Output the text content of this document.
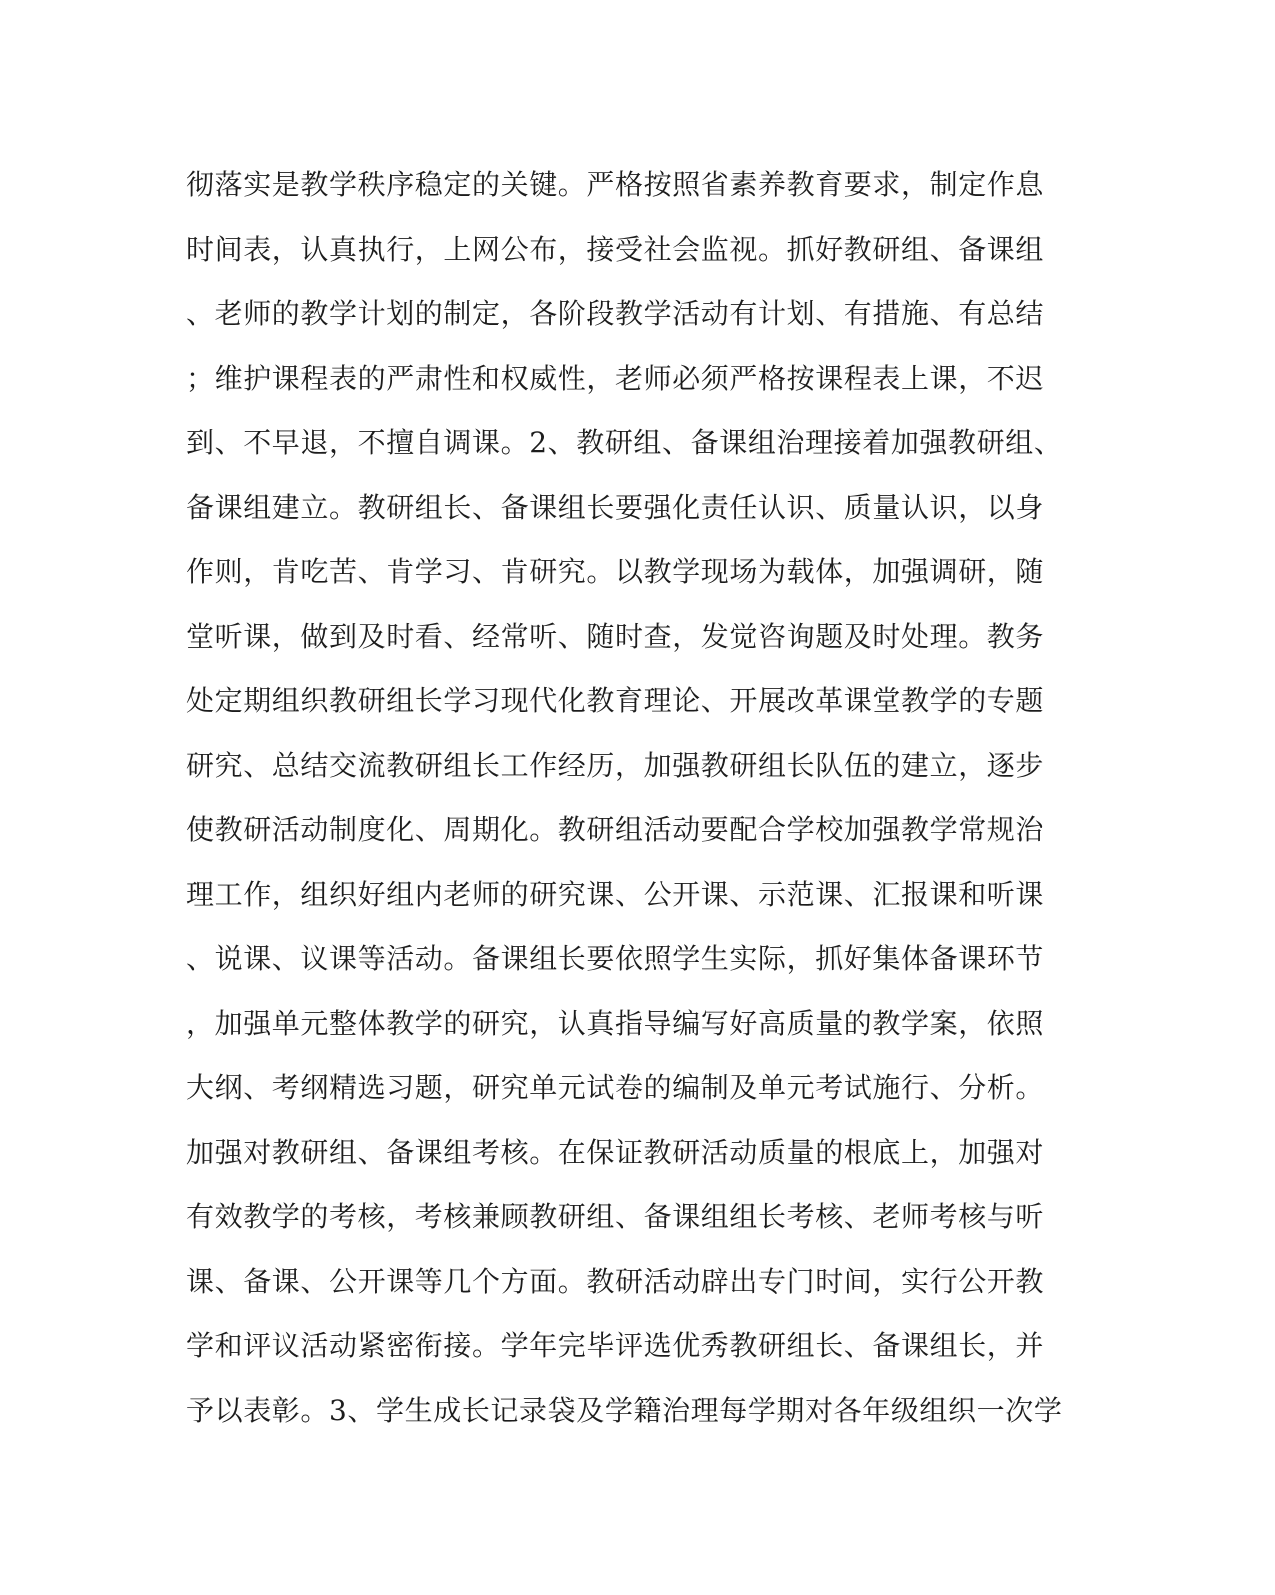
彻落实是教学秩序稳定的关键。严格按照省素养教育要求，制定作息
时间表，认真执行，上网公布，接受社会监视。抓好教研组、备课组
、老师的教学计划的制定，各阶段教学活动有计划、有措施、有总结
；维护课程表的严肃性和权威性，老师必须严格按课程表上课，不迟
到、不早退，不擅自调课。2、教研组、备课组治理接着加强教研组、
备课组建立。教研组长、备课组长要强化责任认识、质量认识，以身
作则，肯吃苦、肯学习、肯研究。以教学现场为载体，加强调研，随
堂听课，做到及时看、经常听、随时查，发觉咨询题及时处理。教务
处定期组织教研组长学习现代化教育理论、开展改革课堂教学的专题
研究、总结交流教研组长工作经历，加强教研组长队伍的建立，逐步
使教研活动制度化、周期化。教研组活动要配合学校加强教学常规治
理工作，组织好组内老师的研究课、公开课、示范课、汇报课和听课
、说课、议课等活动。备课组长要依照学生实际，抓好集体备课环节
，加强单元整体教学的研究，认真指导编写好高质量的教学案，依照
大纲、考纲精选习题，研究单元试卷的编制及单元考试施行、分析。
加强对教研组、备课组考核。在保证教研活动质量的根底上，加强对
有效教学的考核，考核兼顾教研组、备课组组长考核、老师考核与听
课、备课、公开课等几个方面。教研活动辟出专门时间，实行公开教
学和评议活动紧密衔接。学年完毕评选优秀教研组长、备课组长，并
予以表彰。3、学生成长记录袋及学籍治理每学期对各年级组织一次学
